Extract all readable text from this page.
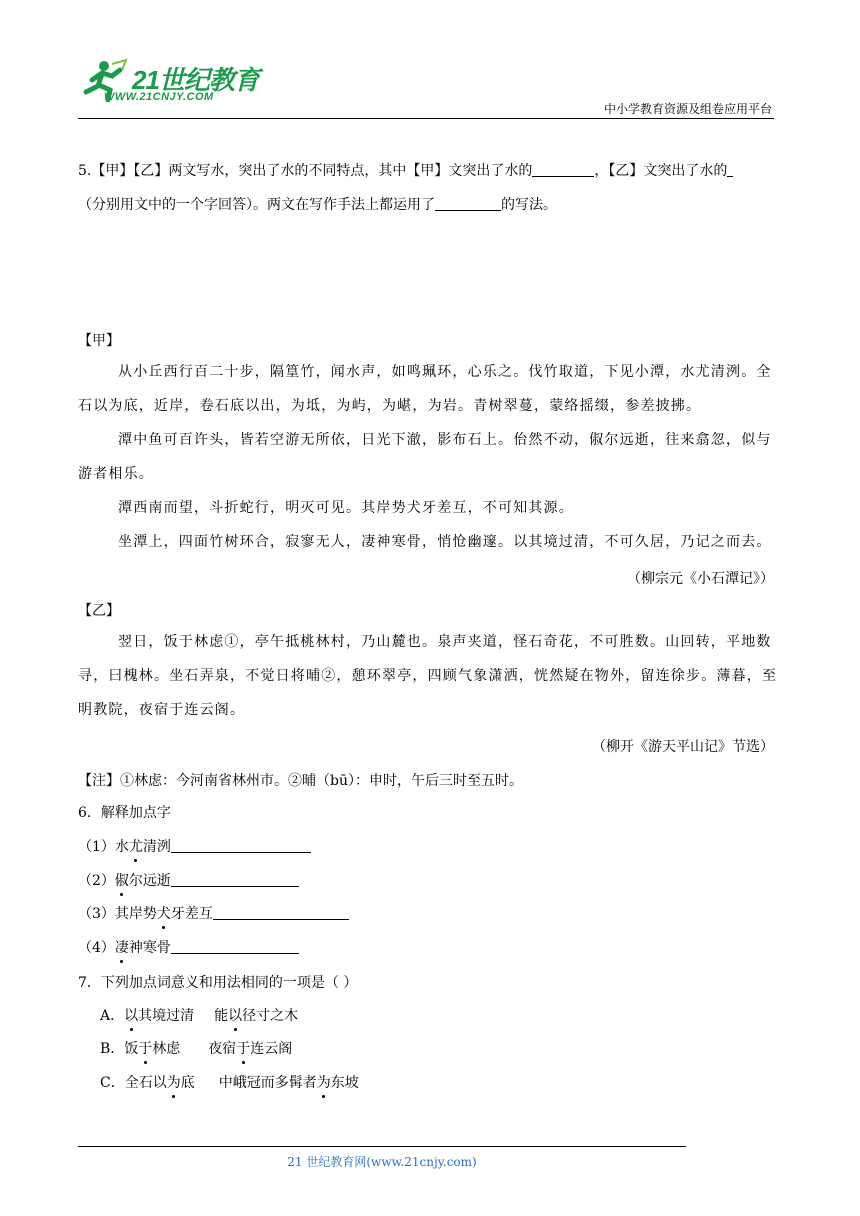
21世纪教育
WWW.21CNJY.COM
中小学教育资源及组卷应用平台
5.【甲】【乙】两文写水，突出了水的不同特点，其中【甲】文突出了水的	，【乙】文突出了水的
（分别用文中的一个字回答）。两文在写作手法上都运用了	的写法。
【甲】

从小丘西行百二十步，隔篁竹，闻水声，如鸣珮环，心乐之。伐竹取道，下见小潭，水尤清洌。全石以为底，近岸，卷石底以出，为坻，为屿，为嵁，为岩。青树翠蔓，蒙络摇缀，参差披拂。

潭中鱼可百许头，皆若空游无所依，日光下澈，影布石上。佁然不动，俶尔远逝，往来翕忽，似与游者相乐。

潭西南而望，斗折蛇行，明灭可见。其岸势犬牙差互，不可知其源。

坐潭上，四面竹树环合，寂寥无人，凄神寒骨，悄怆幽邃。以其境过清，不可久居，乃记之而去。

（柳宗元《小石潭记》）
【乙】

翌日，饭于林虑①，亭午抵桃林村，乃山麓也。泉声夹道，怪石奇花，不可胜数。山回转，平地数寻，曰槐林。坐石弄泉，不觉日将晡②，憩环翠亭，四顾气象潇洒，恍然疑在物外，留连徐步。薄暮，至明教院，夜宿于连云阁。

（柳开《游天平山记》节选）
【注】①林虑：今河南省林州市。②晡（bū）：申时，午后三时至五时。
6．解释加点字
（1）水尤清洌
（2）俶尔远逝
（3）其岸势犬牙差互
（4）凄神寒骨
7．下列加点词意义和用法相同的一项是（ ）
A．以其境过清 能以径寸之木
B．饭于林虑 夜宿于连云阁
C．全石以为底 中峨冠而多髯者为东坡
21 世纪教育网(www.21cnjy.com)
